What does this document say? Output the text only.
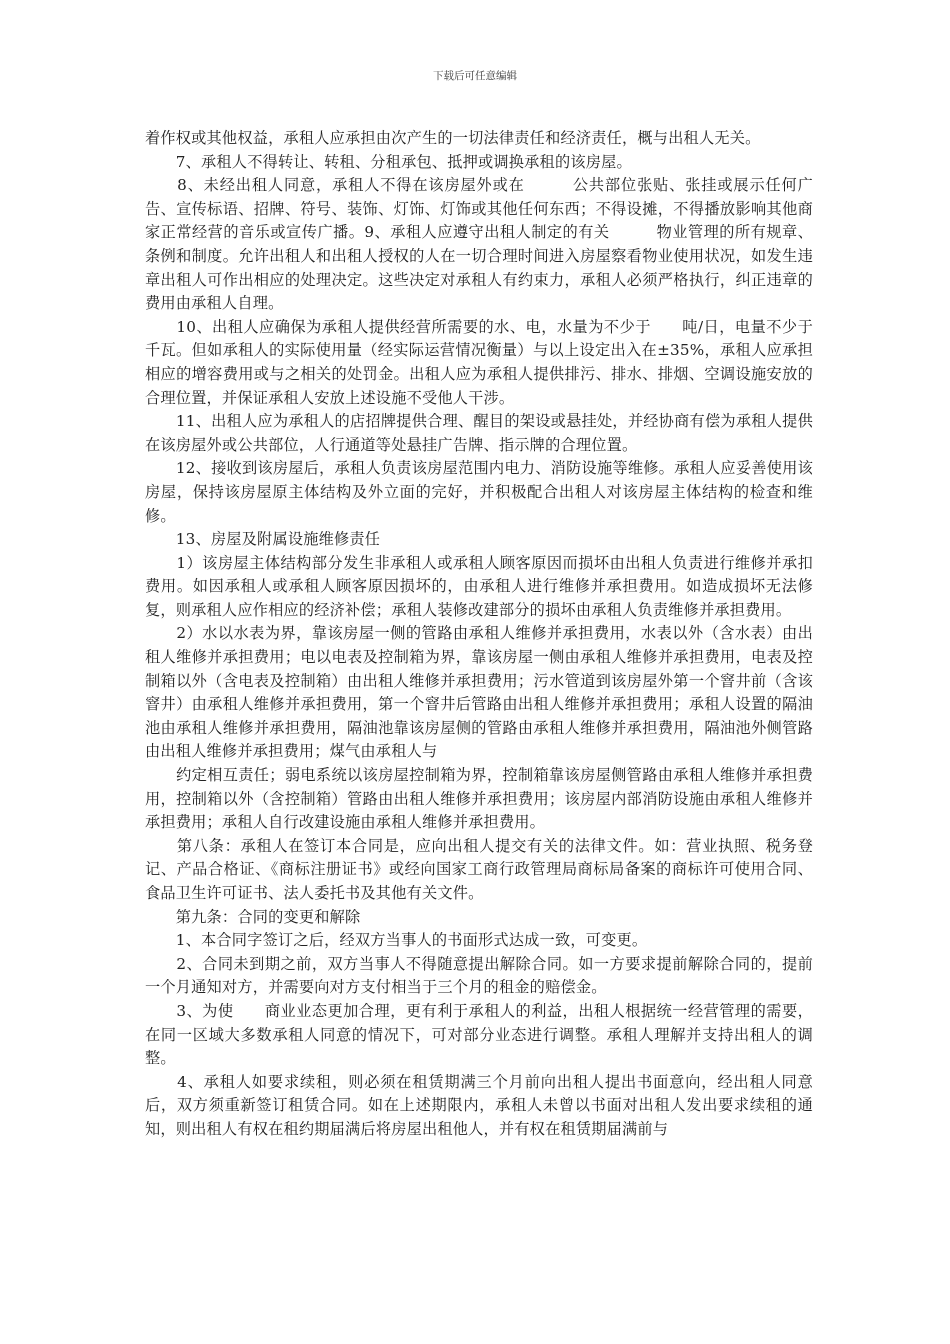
下载后可任意编辑

着作权或其他权益，承租人应承担由次产生的一切法律责任和经济责任，概与出租人无关。

　　7、承租人不得转让、转租、分租承包、抵押或调换承租的该房屋。

　　8、未经出租人同意，承租人不得在该房屋外或在　　　公共部位张贴、张挂或展示任何广告、宣传标语、招牌、符号、装饰、灯饰、灯饰或其他任何东西；不得设摊，不得播放影响其他商家正常经营的音乐或宣传广播。9、承租人应遵守出租人制定的有关　　　物业管理的所有规章、条例和制度。允许出租人和出租人授权的人在一切合理时间进入房屋察看物业使用状况，如发生违章出租人可作出相应的处理决定。这些决定对承租人有约束力，承租人必须严格执行，纠正违章的费用由承租人自理。

　　10、出租人应确保为承租人提供经营所需要的水、电，水量为不少于　　吨/日，电量不少于　　千瓦。但如承租人的实际使用量（经实际运营情况衡量）与以上设定出入在±35%，承租人应承担相应的增容费用或与之相关的处罚金。出租人应为承租人提供排污、排水、排烟、空调设施安放的合理位置，并保证承租人安放上述设施不受他人干涉。

　　11、出租人应为承租人的店招牌提供合理、醒目的架设或悬挂处，并经协商有偿为承租人提供在该房屋外或公共部位，人行通道等处悬挂广告牌、指示牌的合理位置。

　　12、接收到该房屋后，承租人负责该房屋范围内电力、消防设施等维修。承租人应妥善使用该房屋，保持该房屋原主体结构及外立面的完好，并积极配合出租人对该房屋主体结构的检查和维修。

　　13、房屋及附属设施维修责任

　　1）该房屋主体结构部分发生非承租人或承租人顾客原因而损坏由出租人负责进行维修并承扣费用。如因承租人或承租人顾客原因损坏的，由承租人进行维修并承担费用。如造成损坏无法修复，则承租人应作相应的经济补偿；承租人装修改建部分的损坏由承租人负责维修并承担费用。

　　2）水以水表为界，靠该房屋一侧的管路由承租人维修并承担费用，水表以外（含水表）由出租人维修并承担费用；电以电表及控制箱为界，靠该房屋一侧由承租人维修并承担费用，电表及控制箱以外（含电表及控制箱）由出租人维修并承担费用；污水管道到该房屋外第一个窨井前（含该窨井）由承租人维修并承担费用，第一个窨井后管路由出租人维修并承担费用；承租人设置的隔油池由承租人维修并承担费用，隔油池靠该房屋侧的管路由承租人维修并承担费用，隔油池外侧管路由出租人维修并承担费用；煤气由承租人与

　　约定相互责任；弱电系统以该房屋控制箱为界，控制箱靠该房屋侧管路由承租人维修并承担费用，控制箱以外（含控制箱）管路由出租人维修并承担费用；该房屋内部消防设施由承租人维修并承担费用；承租人自行改建设施由承租人维修并承担费用。

　　第八条：承租人在签订本合同是，应向出租人提交有关的法律文件。如：营业执照、税务登记、产品合格证、《商标注册证书》或经向国家工商行政管理局商标局备案的商标许可使用合同、食品卫生许可证书、法人委托书及其他有关文件。

　　第九条：合同的变更和解除

　　1、本合同字签订之后，经双方当事人的书面形式达成一致，可变更。

　　2、合同未到期之前，双方当事人不得随意提出解除合同。如一方要求提前解除合同的，提前一个月通知对方，并需要向对方支付相当于三个月的租金的赔偿金。

　　3、为使　　商业业态更加合理，更有利于承租人的利益，出租人根据统一经营管理的需要，在同一区域大多数承租人同意的情况下，可对部分业态进行调整。承租人理解并支持出租人的调整。

　　4、承租人如要求续租，则必须在租赁期满三个月前向出租人提出书面意向，经出租人同意后，双方须重新签订租赁合同。如在上述期限内，承租人未曾以书面对出租人发出要求续租的通知，则出租人有权在租约期届满后将房屋出租他人，并有权在租赁期届满前与
